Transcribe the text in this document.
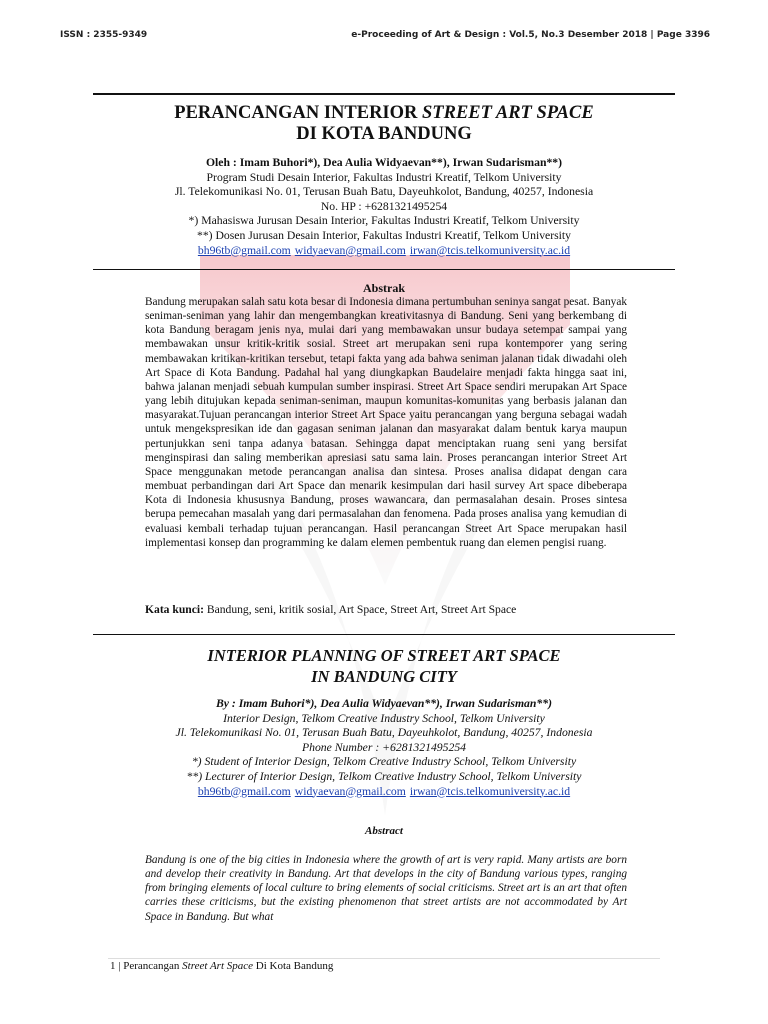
ISSN : 2355-9349	e-Proceeding of Art & Design : Vol.5, No.3 Desember 2018 | Page 3396
PERANCANGAN INTERIOR STREET ART SPACE
DI KOTA BANDUNG
Oleh : Imam Buhori*), Dea Aulia Widyaevan**), Irwan Sudarisman**)
Program Studi Desain Interior, Fakultas Industri Kreatif, Telkom University
Jl. Telekomunikasi No. 01, Terusan Buah Batu, Dayeuhkolot, Bandung, 40257, Indonesia
No. HP : +6281321495254
*) Mahasiswa Jurusan Desain Interior, Fakultas Industri Kreatif, Telkom University
**) Dosen Jurusan Desain Interior, Fakultas Industri Kreatif, Telkom University
bh96tb@gmail.com widyaevan@gmail.com irwan@tcis.telkomuniversity.ac.id
Abstrak
Bandung merupakan salah satu kota besar di Indonesia dimana pertumbuhan seninya sangat pesat. Banyak seniman-seniman yang lahir dan mengembangkan kreativitasnya di Bandung. Seni yang berkembang di kota Bandung beragam jenis nya, mulai dari yang membawakan unsur budaya setempat sampai yang membawakan unsur kritik-kritik sosial. Street art merupakan seni rupa kontemporer yang sering membawakan kritikan-kritikan tersebut, tetapi fakta yang ada bahwa seniman jalanan tidak diwadahi oleh Art Space di Kota Bandung. Padahal hal yang diungkapkan Baudelaire menjadi fakta hingga saat ini, bahwa jalanan menjadi sebuah kumpulan sumber inspirasi. Street Art Space sendiri merupakan Art Space yang lebih ditujukan kepada seniman-seniman, maupun komunitas-komunitas yang berbasis jalanan dan masyarakat.Tujuan perancangan interior Street Art Space yaitu perancangan yang berguna sebagai wadah untuk mengekspresikan ide dan gagasan seniman jalanan dan masyarakat dalam bentuk karya maupun pertunjukkan seni tanpa adanya batasan. Sehingga dapat menciptakan ruang seni yang bersifat menginspirasi dan saling memberikan apresiasi satu sama lain. Proses perancangan interior Street Art Space menggunakan metode perancangan analisa dan sintesa. Proses analisa didapat dengan cara membuat perbandingan dari Art Space dan menarik kesimpulan dari hasil survey Art space dibeberapa Kota di Indonesia khususnya Bandung, proses wawancara, dan permasalahan desain. Proses sintesa berupa pemecahan masalah yang dari permasalahan dan fenomena. Pada proses analisa yang kemudian di evaluasi kembali terhadap tujuan perancangan. Hasil perancangan Street Art Space merupakan hasil implementasi konsep dan programming ke dalam elemen pembentuk ruang dan elemen pengisi ruang.
Kata kunci: Bandung, seni, kritik sosial, Art Space, Street Art, Street Art Space
INTERIOR PLANNING OF STREET ART SPACE
IN BANDUNG CITY
By : Imam Buhori*), Dea Aulia Widyaevan**), Irwan Sudarisman**)
Interior Design, Telkom Creative Industry School, Telkom University
Jl. Telekomunikasi No. 01, Terusan Buah Batu, Dayeuhkolot, Bandung, 40257, Indonesia
Phone Number : +6281321495254
*) Student of Interior Design, Telkom Creative Industry School, Telkom University
**) Lecturer of Interior Design, Telkom Creative Industry School, Telkom University
bh96tb@gmail.com widyaevan@gmail.com irwan@tcis.telkomuniversity.ac.id
Abstract
Bandung is one of the big cities in Indonesia where the growth of art is very rapid. Many artists are born and develop their creativity in Bandung. Art that develops in the city of Bandung various types, ranging from bringing elements of local culture to bring elements of social criticisms. Street art is an art that often carries these criticisms, but the existing phenomenon that street artists are not accommodated by Art Space in Bandung. But what
1 | Perancangan Street Art Space Di Kota Bandung
